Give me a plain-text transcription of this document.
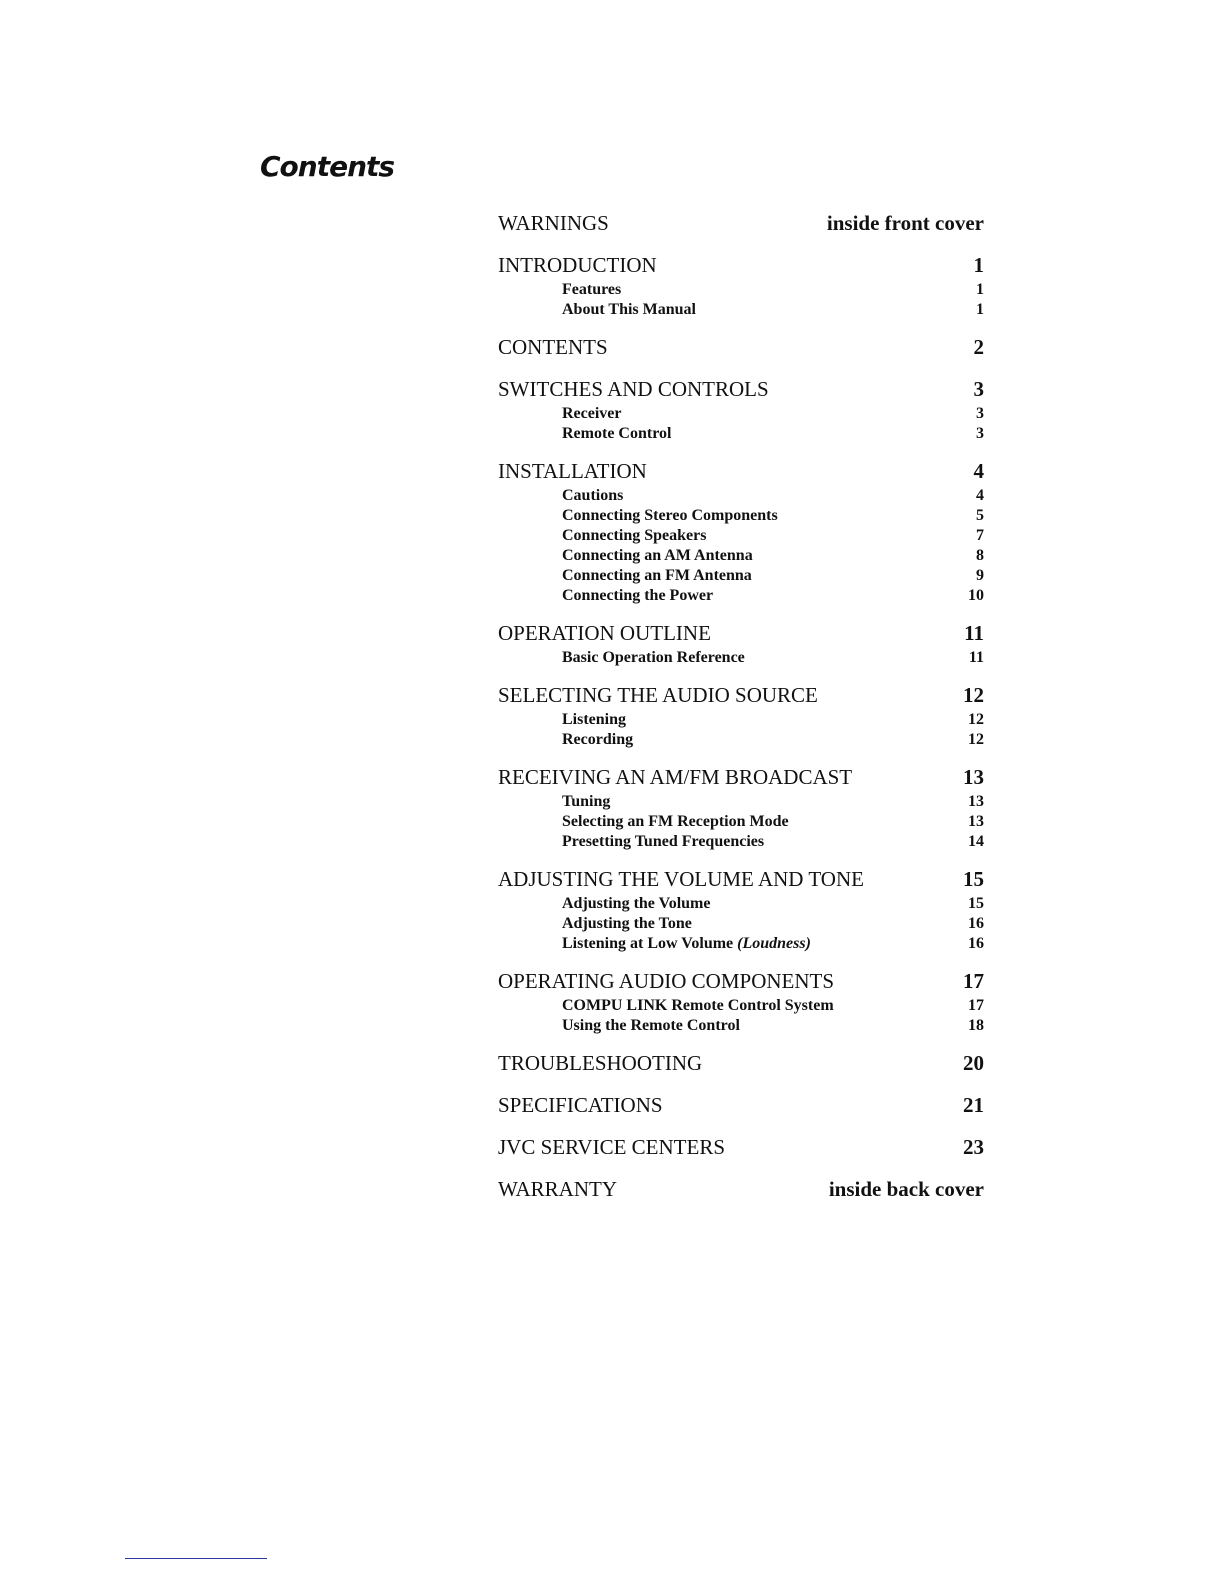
Contents
WARNINGS	inside front cover
INTRODUCTION	1
Features	1
About This Manual	1
CONTENTS	2
SWITCHES AND CONTROLS	3
Receiver	3
Remote Control	3
INSTALLATION	4
Cautions	4
Connecting Stereo Components	5
Connecting Speakers	7
Connecting an AM Antenna	8
Connecting an FM Antenna	9
Connecting the Power	10
OPERATION OUTLINE	11
Basic Operation Reference	11
SELECTING THE AUDIO SOURCE	12
Listening	12
Recording	12
RECEIVING AN AM/FM BROADCAST	13
Tuning	13
Selecting an FM Reception Mode	13
Presetting Tuned Frequencies	14
ADJUSTING THE VOLUME AND TONE	15
Adjusting the Volume	15
Adjusting the Tone	16
Listening at Low Volume (Loudness)	16
OPERATING AUDIO COMPONENTS	17
COMPU LINK Remote Control System	17
Using the Remote Control	18
TROUBLESHOOTING	20
SPECIFICATIONS	21
JVC SERVICE CENTERS	23
WARRANTY	inside back cover
